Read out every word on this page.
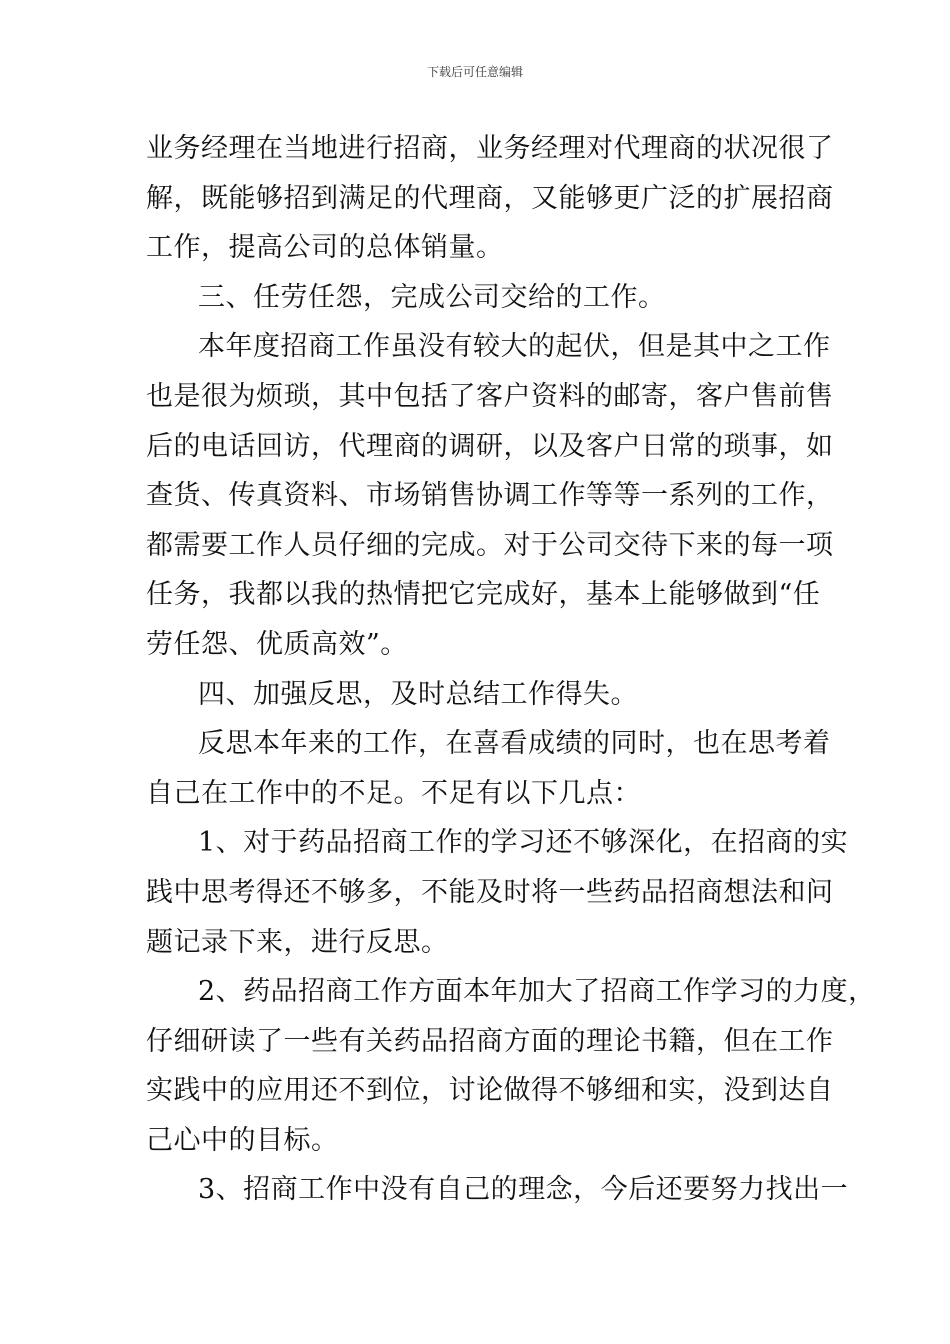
下载后可任意编辑
业务经理在当地进行招商，业务经理对代理商的状况很了
解，既能够招到满足的代理商，又能够更广泛的扩展招商
工作，提高公司的总体销量。
三、任劳任怨，完成公司交给的工作。
本年度招商工作虽没有较大的起伏，但是其中之工作
也是很为烦琐，其中包括了客户资料的邮寄，客户售前售
后的电话回访，代理商的调研，以及客户日常的琐事，如
查货、传真资料、市场销售协调工作等等一系列的工作，
都需要工作人员仔细的完成。对于公司交待下来的每一项
任务，我都以我的热情把它完成好，基本上能够做到“任
劳任怨、优质高效”。
四、加强反思，及时总结工作得失。
反思本年来的工作，在喜看成绩的同时，也在思考着
自己在工作中的不足。不足有以下几点：
1、对于药品招商工作的学习还不够深化，在招商的实
践中思考得还不够多，不能及时将一些药品招商想法和问
题记录下来，进行反思。
2、药品招商工作方面本年加大了招商工作学习的力度，
仔细研读了一些有关药品招商方面的理论书籍，但在工作
实践中的应用还不到位，讨论做得不够细和实，没到达自
己心中的目标。
3、招商工作中没有自己的理念，今后还要努力找出一
